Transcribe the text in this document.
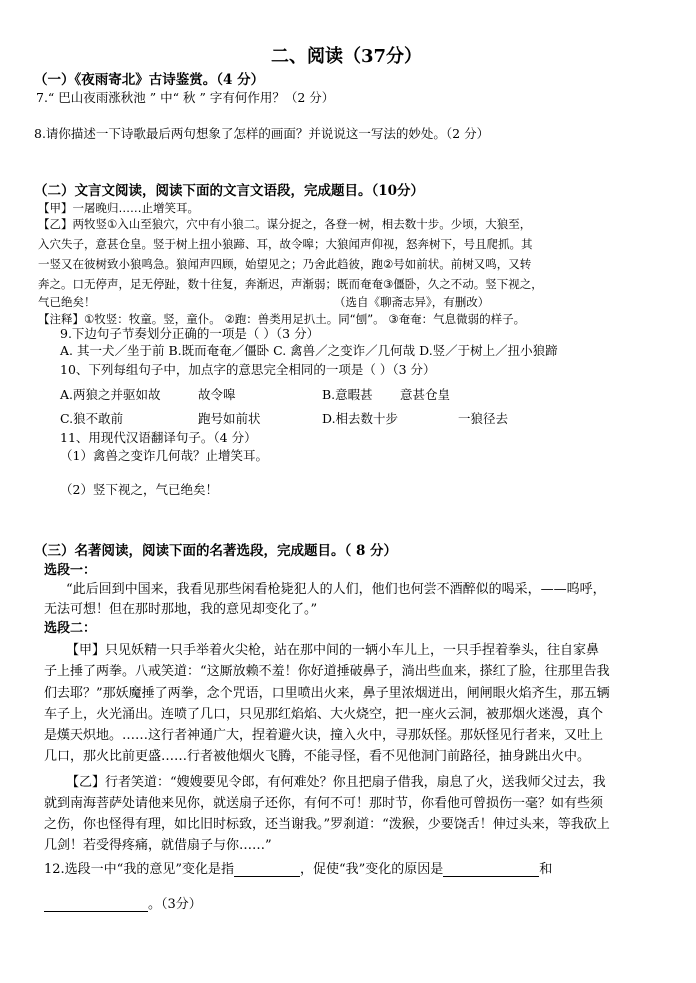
二、阅读（37分）
（一）《夜雨寄北》古诗鉴赏。（4 分）
7.“ 巴山夜雨涨秋池 ” 中“ 秋 ” 字有何作用？（2 分）
8.请你描述一下诗歌最后两句想象了怎样的画面？并说说这一写法的妙处。（2 分）
（二）文言文阅读，阅读下面的文言文语段，完成题目。（10分）
【甲】一屠晚归……止增笑耳。
【乙】两牧竖①入山至狼穴，穴中有小狼二。谋分捉之，各登一树，相去数十步。少顷，大狼至，
入穴失子，意甚仓皇。竖于树上扭小狼蹄、耳，故令嗥；大狼闻声仰视，怒奔树下，号且爬抓。其
一竖又在彼树致小狼鸣急。狼闻声四顾，始望见之；乃舍此趋彼，跑②号如前状。前树又鸣，又转
奔之。口无停声，足无停趾，数十往复，奔渐迟，声渐弱；既而奄奄③僵卧，久之不动。竖下视之，
气已绝矣！	（选自《聊斋志异》，有删改）
【注释】①牧竖：牧童。竖，童仆。 ②跑：兽类用足扒土。同“刨”。 ③奄奄：气息微弱的样子。
9.下边句子节奏划分正确的一项是（ ）（3 分）
A. 其一犬／坐于前 B.既而奄奄／僵卧 C. 禽兽／之变诈／几何哉 D.竖／于树上／扭小狼蹄
10、下列每组句子中，加点字的意思完全相同的一项是（ ）（3 分）
A.两狼之并驱如故	故令嗥	B.意暇甚 意甚仓皇
C.狼不敢前	跑号如前状	D.相去数十步	一狼径去
11、用现代汉语翻译句子。（4 分）
（1）禽兽之变诈几何哉？止增笑耳。
（2）竖下视之，气已绝矣！
（三）名著阅读，阅读下面的名著选段，完成题目。（ 8 分）
选段一：
“此后回到中国来，我看见那些闲看枪毙犯人的人们，他们也何尝不酒醉似的喝采，——呜呼，
无法可想！但在那时那地，我的意见却变化了。”
选段二：
【甲】只见妖精一只手举着火尖枪，站在那中间的一辆小车儿上，一只手捏着拳头，往自家鼻
子上捶了两拳。八戒笑道：“这厮放赖不羞！你好道捶破鼻子，淌出些血来，搽红了脸，往那里告我
们去耶？”那妖魔捶了两拳，念个咒语，口里喷出火来，鼻子里浓烟迸出，闸闸眼火焰齐生，那五辆
车子上，火光涌出。连喷了几口，只见那红焰焰、大火烧空，把一座火云洞，被那烟火迷漫，真个
是熯天炽地。……这行者神通广大，捏着避火诀，撞入火中，寻那妖怪。那妖怪见行者来，又吐上
几口，那火比前更盛……行者被他烟火飞腾，不能寻怪，看不见他洞门前路径，抽身跳出火中。
【乙】行者笑道：“嫂嫂要见令郎，有何难处？你且把扇子借我，扇息了火，送我师父过去，我
就到南海菩萨处请他来见你，就送扇子还你，有何不可！那时节，你看他可曾损伤一毫？如有些须
之伤，你也怪得有理，如比旧时标致，还当谢我。”罗刹道：“泼猴，少要饶舌！伸过头来，等我砍上
几剑！若受得疼痛，就借扇子与你……”
12.选段一中“我的意见”变化是指	，促使“我”变化的原因是	和
。（3分）
